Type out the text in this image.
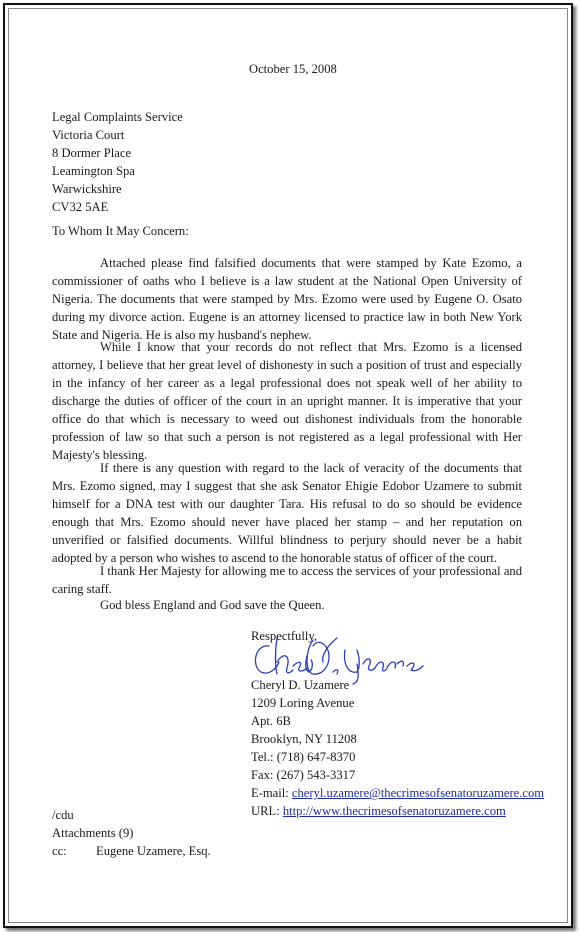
October 15, 2008

Legal Complaints Service
Victoria Court
8 Dormer Place
Leamington Spa
Warwickshire
CV32 5AE

To Whom It May Concern:

Attached please find falsified documents that were stamped by Kate Ezomo, a commissioner of oaths who I believe is a law student at the National Open University of Nigeria. The documents that were stamped by Mrs. Ezomo were used by Eugene O. Osato during my divorce action. Eugene is an attorney licensed to practice law in both New York State and Nigeria. He is also my husband's nephew.

While I know that your records do not reflect that Mrs. Ezomo is a licensed attorney, I believe that her great level of dishonesty in such a position of trust and especially in the infancy of her career as a legal professional does not speak well of her ability to discharge the duties of officer of the court in an upright manner. It is imperative that your office do that which is necessary to weed out dishonest individuals from the honorable profession of law so that such a person is not registered as a legal professional with Her Majesty's blessing.

If there is any question with regard to the lack of veracity of the documents that Mrs. Ezomo signed, may I suggest that she ask Senator Ehigie Edobor Uzamere to submit himself for a DNA test with our daughter Tara. His refusal to do so should be evidence enough that Mrs. Ezomo should never have placed her stamp – and her reputation on unverified or falsified documents. Willful blindness to perjury should never be a habit adopted by a person who wishes to ascend to the honorable status of officer of the court.

I thank Her Majesty for allowing me to access the services of your professional and caring staff.

God bless England and God save the Queen.

Respectfully,

Cheryl D. Uzamere
1209 Loring Avenue
Apt. 6B
Brooklyn, NY 11208
Tel.: (718) 647-8370
Fax: (267) 543-3317
E-mail: cheryl.uzamere@thecrimesofsenatoruzamere.com
URL: http://www.thecrimesofsenatoruzamere.com
/cdu
Attachments (9)
cc: Eugene Uzamere, Esq.
